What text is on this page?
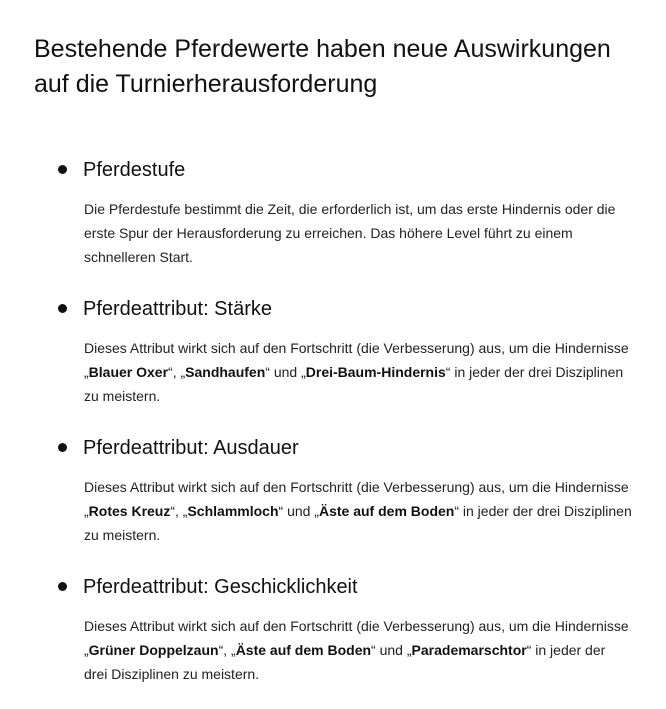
Bestehende Pferdewerte haben neue Auswirkungen auf die Turnierherausforderung
Pferdestufe

Die Pferdestufe bestimmt die Zeit, die erforderlich ist, um das erste Hindernis oder die erste Spur der Herausforderung zu erreichen. Das höhere Level führt zu einem schnelleren Start.

Pferdeattribut: Stärke

Dieses Attribut wirkt sich auf den Fortschritt (die Verbesserung) aus, um die Hindernisse „Blauer Oxer“, „Sandhaufen“ und „Drei-Baum-Hindernis“ in jeder der drei Disziplinen zu meistern.

Pferdeattribut: Ausdauer

Dieses Attribut wirkt sich auf den Fortschritt (die Verbesserung) aus, um die Hindernisse „Rotes Kreuz“, „Schlammloch“ und „Äste auf dem Boden“ in jeder der drei Disziplinen zu meistern.

Pferdeattribut: Geschicklichkeit

Dieses Attribut wirkt sich auf den Fortschritt (die Verbesserung) aus, um die Hindernisse „Grüner Doppelzaun“, „Äste auf dem Boden“ und „Parademarschtor“ in jeder der drei Disziplinen zu meistern.
